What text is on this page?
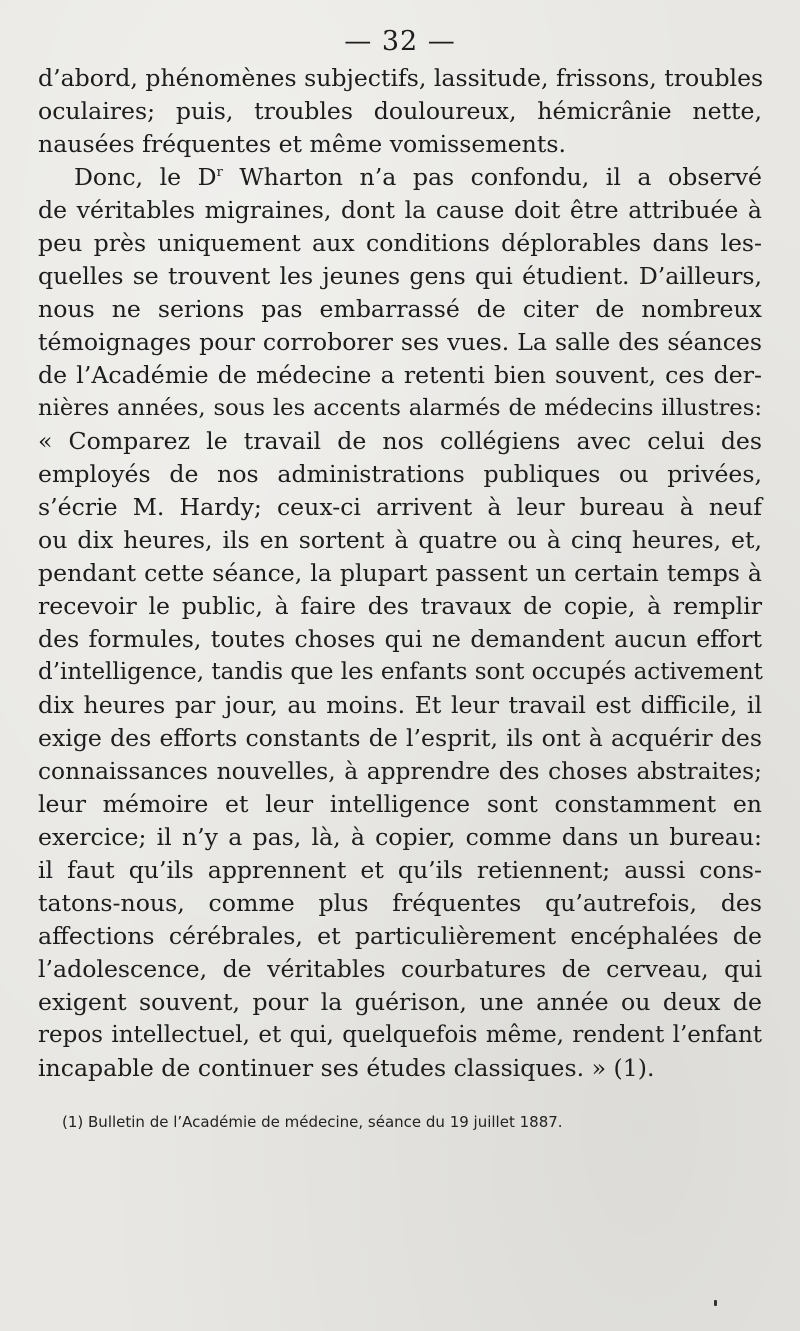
— 32 —
d’abord, phénomènes subjectifs, lassitude, frissons, troubles
oculaires; puis, troubles douloureux, hémicrânie nette,
nausées fréquentes et même vomissements.
Donc, le $D^r$ Wharton n’a pas confondu, il a observé
de véritables migraines, dont la cause doit être attribuée à
peu près uniquement aux conditions déplorables dans les-
quelles se trouvent les jeunes gens qui étudient. D’ailleurs,
nous ne serions pas embarrassé de citer de nombreux
témoignages pour corroborer ses vues. La salle des séances
de l’Académie de médecine a retenti bien souvent, ces der-
nières années, sous les accents alarmés de médecins illustres:
« Comparez le travail de nos collégiens avec celui des
employés de nos administrations publiques ou privées,
s’écrie M. Hardy; ceux-ci arrivent à leur bureau à neuf
ou dix heures, ils en sortent à quatre ou à cinq heures, et,
pendant cette séance, la plupart passent un certain temps à
recevoir le public, à faire des travaux de copie, à remplir
des formules, toutes choses qui ne demandent aucun effort
d’intelligence, tandis que les enfants sont occupés activement
dix heures par jour, au moins. Et leur travail est difficile, il
exige des efforts constants de l’esprit, ils ont à acquérir des
connaissances nouvelles, à apprendre des choses abstraites;
leur mémoire et leur intelligence sont constamment en
exercice; il n’y a pas, là, à copier, comme dans un bureau:
il faut qu’ils apprennent et qu’ils retiennent; aussi cons-
tatons-nous, comme plus fréquentes qu’autrefois, des
affections cérébrales, et particulièrement encéphalées de
l’adolescence, de véritables courbatures de cerveau, qui
exigent souvent, pour la guérison, une année ou deux de
repos intellectuel, et qui, quelquefois même, rendent l’enfant
incapable de continuer ses études classiques. » (1).
(1) Bulletin de l’Académie de médecine, séance du 19 juillet 1887.
